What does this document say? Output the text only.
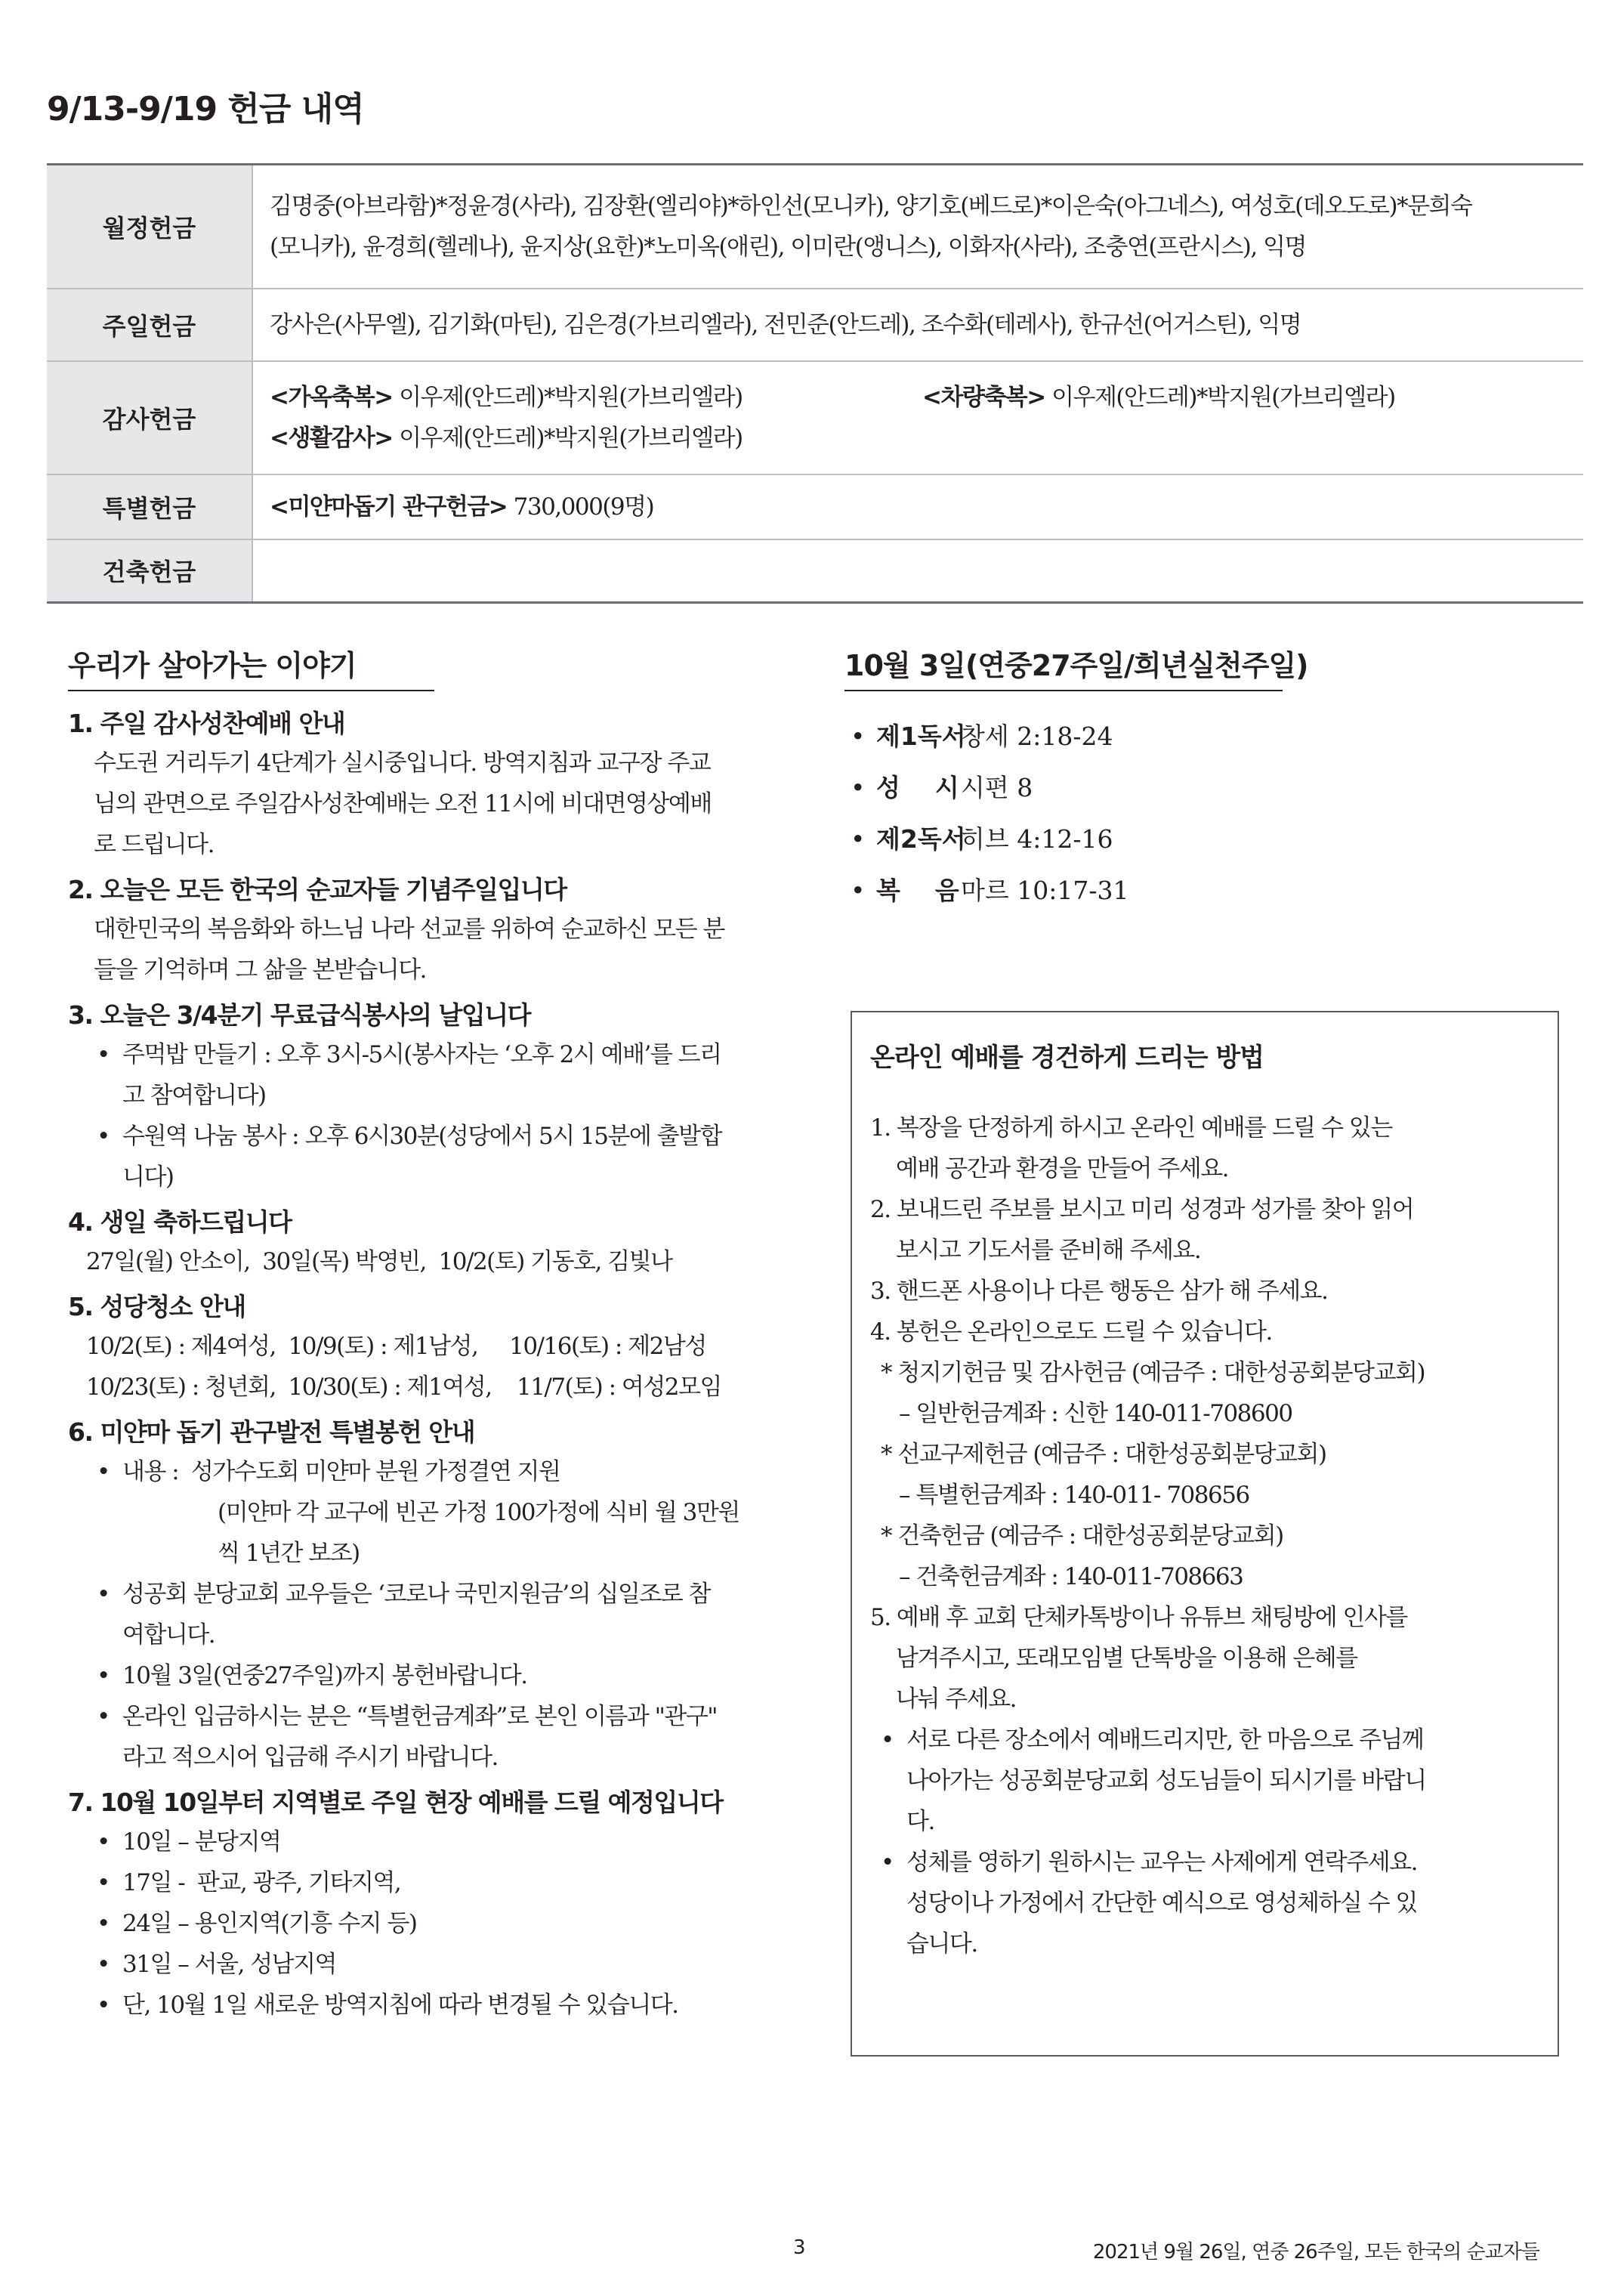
9/13-9/19 헌금 내역
월정헌금	김명중(아브라함)*정윤경(사라), 김장환(엘리야)*하인선(모니카), 양기호(베드로)*이은숙(아그네스), 여성호(데오도로)*문희숙
(모니카), 윤경희(헬레나), 윤지상(요한)*노미옥(애린), 이미란(앵니스), 이화자(사라), 조충연(프란시스), 익명

주일헌금	강사은(사무엘), 김기화(마틴), 김은경(가브리엘라), 전민준(안드레), 조수화(테레사), 한규선(어거스틴), 익명

감사헌금	<가옥축복> 이우제(안드레)*박지원(가브리엘라) <차량축복> 이우제(안드레)*박지원(가브리엘라)
<생활감사> 이우제(안드레)*박지원(가브리엘라)

특별헌금	<미얀마돕기 관구헌금> 730,000(9명)

건축헌금	
우리가 살아가는 이야기
1. 주일 감사성찬예배 안내
수도권 거리두기 4단계가 실시중입니다. 방역지침과 교구장 주교
님의 관면으로 주일감사성찬예배는 오전 11시에 비대면영상예배
로 드립니다.
2. 오늘은 모든 한국의 순교자들 기념주일입니다
대한민국의 복음화와 하느님 나라 선교를 위하여 순교하신 모든 분
들을 기억하며 그 삶을 본받습니다.
3. 오늘은 3/4분기 무료급식봉사의 날입니다
• 주먹밥 만들기 : 오후 3시-5시(봉사자는 ‘오후 2시 예배’를 드리
고 참여합니다)
• 수원역 나눔 봉사 : 오후 6시30분(성당에서 5시 15분에 출발합
니다)
4. 생일 축하드립니다
27일(월) 안소이,  30일(목) 박영빈,  10/2(토) 기동호, 김빛나
5. 성당청소 안내
10/2(토) : 제4여성,  10/9(토) : 제1남성,     10/16(토) : 제2남성
10/23(토) : 청년회,  10/30(토) : 제1여성,    11/7(토) : 여성2모임
6. 미얀마 돕기 관구발전 특별봉헌 안내
• 내용 :  성가수도회 미얀마 분원 가정결연 지원
(미얀마 각 교구에 빈곤 가정 100가정에 식비 월 3만원
씩 1년간 보조)
• 성공회 분당교회 교우들은 ‘코로나 국민지원금’의 십일조로 참
여합니다.
• 10월 3일(연중27주일)까지 봉헌바랍니다.
• 온라인 입금하시는 분은 “특별헌금계좌”로 본인 이름과 "관구"
라고 적으시어 입금해 주시기 바랍니다.
7. 10월 10일부터 지역별로 주일 현장 예배를 드릴 예정입니다
• 10일 – 분당지역
• 17일 -  판교, 광주, 기타지역,
• 24일 – 용인지역(기흥 수지 등)
• 31일 – 서울, 성남지역
• 단, 10월 1일 새로운 방역지침에 따라 변경될 수 있습니다.
10월 3일(연중27주일/희년실천주일)
• 제1독서
창세 2:18-24
• 성    시 시편 8
• 제2독서
히브 4:12-16
• 복    음 마르 10:17-31
온라인 예배를 경건하게 드리는 방법
1. 복장을 단정하게 하시고 온라인 예배를 드릴 수 있는
예배 공간과 환경을 만들어 주세요.
2. 보내드린 주보를 보시고 미리 성경과 성가를 찾아 읽어
보시고 기도서를 준비해 주세요.
3. 핸드폰 사용이나 다른 행동은 삼가 해 주세요.
4. 봉헌은 온라인으로도 드릴 수 있습니다.
* 청지기헌금 및 감사헌금 (예금주 : 대한성공회분당교회)
– 일반헌금계좌 : 신한 140-011-708600
* 선교구제헌금 (예금주 : 대한성공회분당교회)
– 특별헌금계좌 : 140-011- 708656
* 건축헌금 (예금주 : 대한성공회분당교회)
– 건축헌금계좌 : 140-011-708663
5. 예배 후 교회 단체카톡방이나 유튜브 채팅방에 인사를
남겨주시고, 또래모임별 단톡방을 이용해 은혜를
나눠 주세요.
• 서로 다른 장소에서 예배드리지만, 한 마음으로 주님께
나아가는 성공회분당교회 성도님들이 되시기를 바랍니
다.
• 성체를 영하기 원하시는 교우는 사제에게 연락주세요.
성당이나 가정에서 간단한 예식으로 영성체하실 수 있
습니다.
3	2021년 9월 26일, 연중 26주일, 모든 한국의 순교자들
